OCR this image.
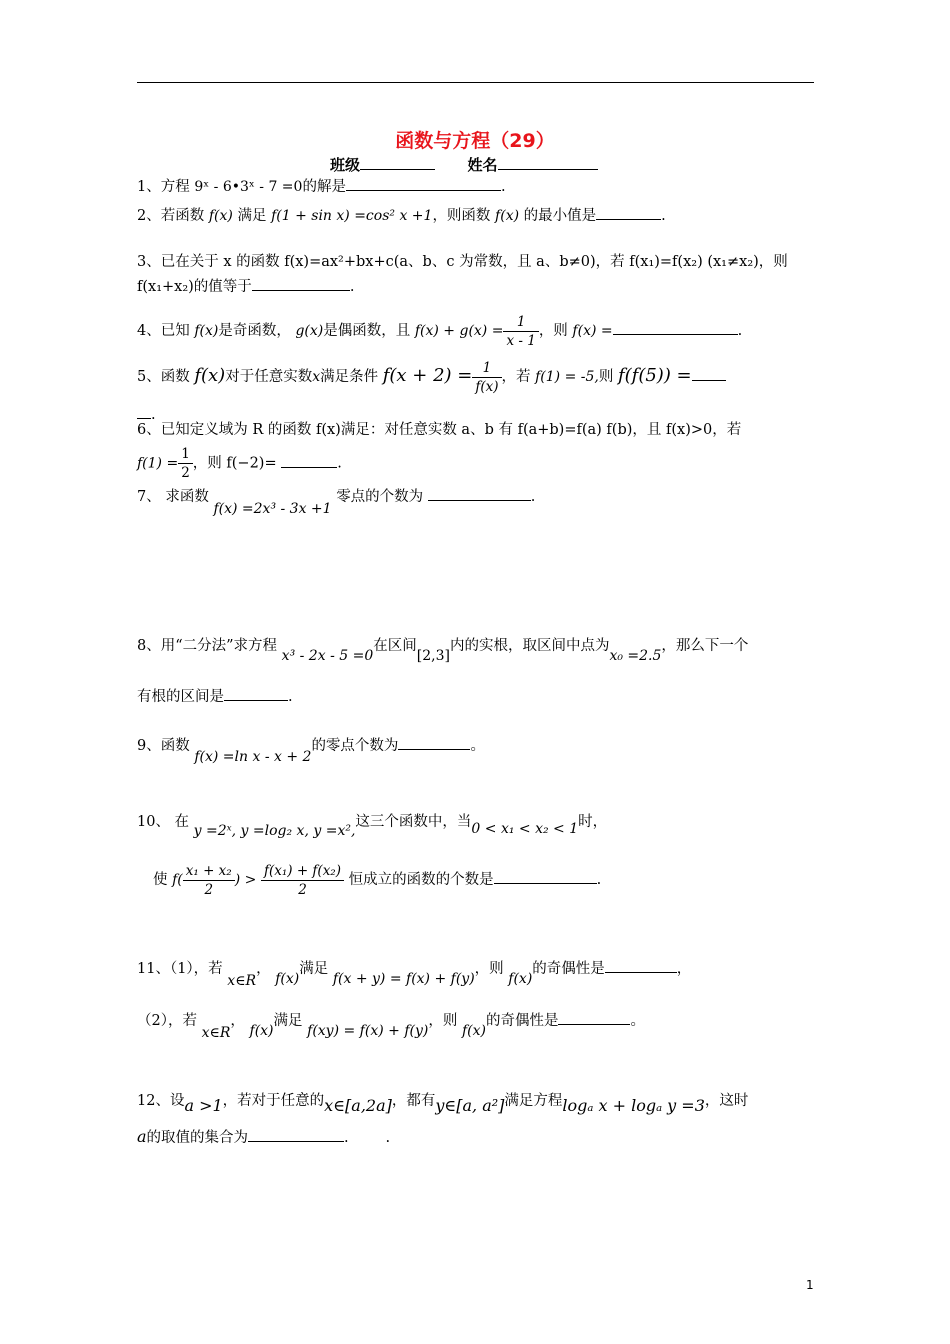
函数与方程（29）
班级	姓名
1、方程 9ˣ - 6•3ˣ - 7 =0的解是	.
2、若函数 f(x) 满足 f(1 + sin x) =cos² x +1，则函数 f(x) 的最小值是	.
3、已在关于 x 的函数 f(x)=ax²+bx+c(a、b、c 为常数，且 a、b≠0)，若 f(x₁)=f(x₂) (x₁≠x₂)，则
f(x₁+x₂)的值等于	.
4、已知 f(x)是奇函数， g(x)是偶函数，且 $f(x) + g(x) = \frac{1}{x - 1}$ ，则 f(x) =	.
5、函数 f(x)对于任意实数x满足条件 $f(x + 2) = \frac{1}{f(x)}$ ，若 f(1) = -5,则 f(f(5)) =
.
6、已知定义域为 R 的函数 f(x)满足：对任意实数 a、b 有 f(a+b)=f(a) f(b)，且 f(x)>0，若
$f(1) = \frac{1}{2}$ ，则 f(−2)=	.
7、 求函数 f(x) =2x³ - 3x +1 零点的个数为	.
8、用“二分法”求方程 x³ - 2x - 5 =0在区间[2,3]内的实根，取区间中点为x₀ =2.5，那么下一个
有根的区间是	.
9、函数 f(x) =ln x - x + 2的零点个数为	。
10、 在 y =2ˣ, y =log₂ x, y =x²,这三个函数中，当0 < x₁ < x₂ < 1时，
使 $f( \frac{\text{x₁ + x₂}}{2}$ ) > $\frac{\text{f(x₁) + f(x₂)}}{2}$ 恒成立的函数的个数是	.
11、（1），若 x∈R， f(x)满足 f(x + y) = f(x) + f(y)，则 f(x)的奇偶性是	，
（2），若 x∈R， f(x)满足 f(xy) = f(x) + f(y)，则 f(x)的奇偶性是	。
12、设a >1，若对于任意的x∈[a,2a]，都有y∈[a, a²]满足方程logₐ x + logₐ y =3，这时
a的取值的集合为	.        .
1
